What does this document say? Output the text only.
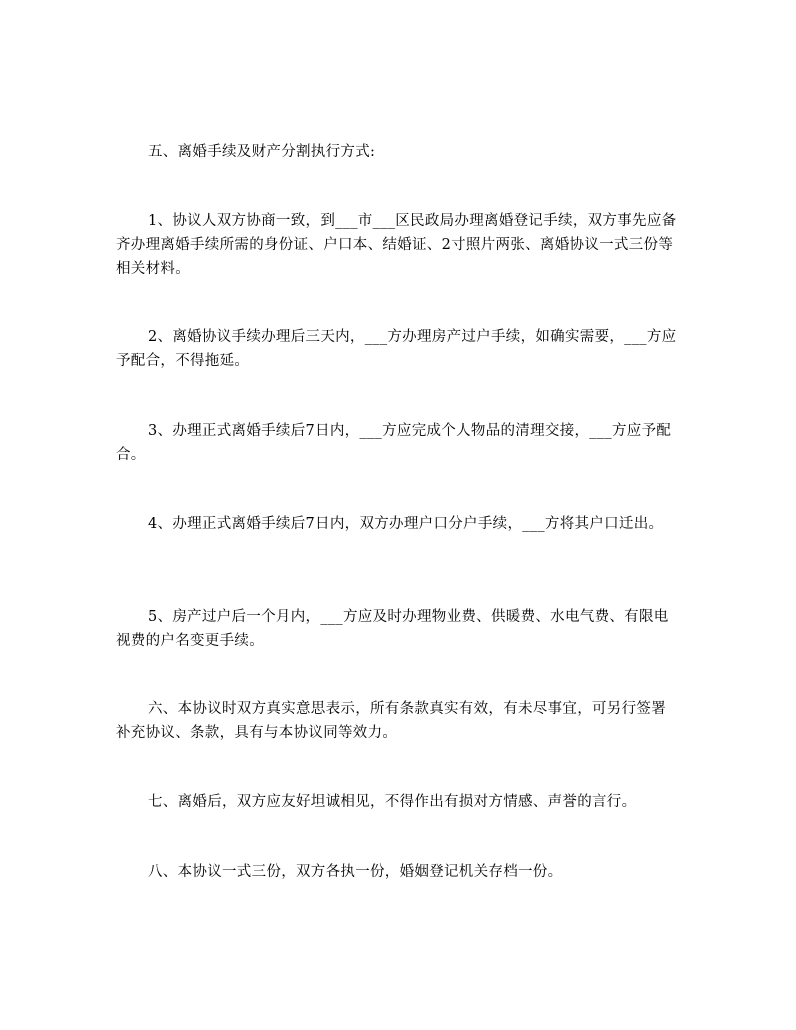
五、离婚手续及财产分割执行方式:

1、协议人双方协商一致，到___市___区民政局办理离婚登记手续，双方事先应备齐办理离婚手续所需的身份证、户口本、结婚证、2寸照片两张、离婚协议一式三份等相关材料。

2、离婚协议手续办理后三天内，___方办理房产过户手续，如确实需要，___方应予配合，不得拖延。

3、办理正式离婚手续后7日内，___方应完成个人物品的清理交接，___方应予配合。

4、办理正式离婚手续后7日内，双方办理户口分户手续，___方将其户口迁出。

5、房产过户后一个月内，___方应及时办理物业费、供暖费、水电气费、有限电视费的户名变更手续。

六、本协议时双方真实意思表示，所有条款真实有效，有未尽事宜，可另行签署补充协议、条款，具有与本协议同等效力。

七、离婚后，双方应友好坦诚相见，不得作出有损对方情感、声誉的言行。

八、本协议一式三份，双方各执一份，婚姻登记机关存档一份。
